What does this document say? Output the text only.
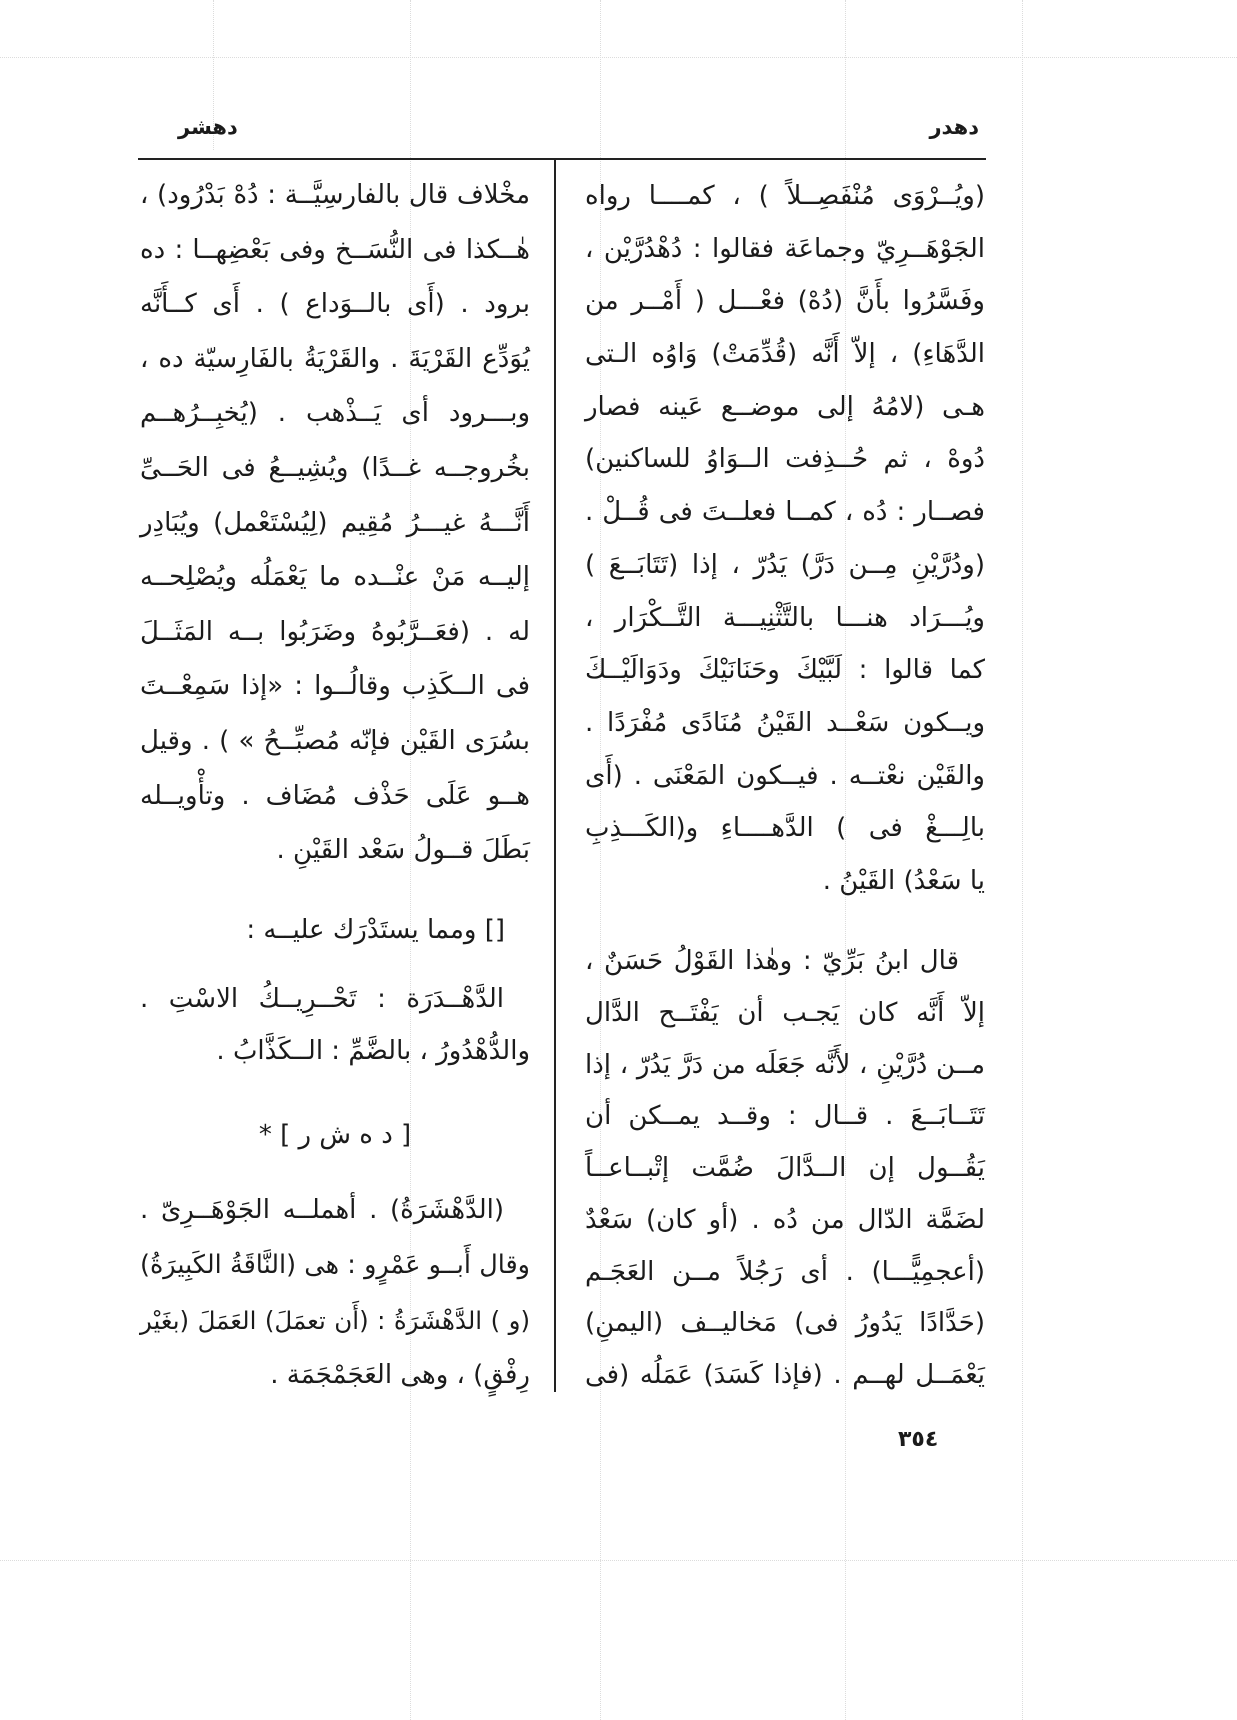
دهدر
دهشر
(ويُــرْوَى مُنْفَصِــلاً ) ، كمــــا رواه
الجَوْهَــرِيّ وجماعَة فقالوا : دُهْدُرَّيْن ،
وفَسَّرُوا بأَنَّ (دُهْ) فعْـــل ( أَمْــر من
الدَّهَاءِ) ، إلاّ أَنَّه (قُدِّمَتْ) وَاوُه الـتى
هـى (لامُهُ إلى موضــع عَينه فصار
دُوهْ ، ثم حُــذِفت الــوَاوُ للساكنين)
فصــار : دُه ، كمــا فعلــتَ فى قُــلْ .
(ودُرَّيْنِ مِــن دَرَّ) يَدُرّ ، إذا (تَتَابَــعَ )
ويُـــرَاد هنـــا بالتَّثْنِيـــة التَّــكْرَار ،
كما قالوا : لَبَّيْكَ وحَنَانَيْكَ ودَوَالَيْــكَ
ويــكون سَعْــد القَيْنُ مُنَادًى مُفْرَدًا .
والقَيْن نعْتــه . فيــكون المَعْنَى . (أَى
بالِـــغْ فى ) الدَّهــــاءِ و(الكَـــذِبِ
يا سَعْدُ) القَيْنُ .
قال ابنُ بَرِّيّ : وهٰذا القَوْلُ حَسَنٌ ،
إلاّ أَنَّه كان يَجـب أن يَفْتَــح الدَّال
مــن دُرَّيْنِ ، لأَنَّه جَعَلَه من دَرَّ يَدُرّ ، إذا
تَتَــابَــعَ . قــال : وقــد يمــكن أن
يَقُــول إن الــدَّالَ ضُمَّت إتْبــاعــاً
لضَمَّة الدّال من دُه . (أو كان) سَعْدٌ
(أعجمِيًّـــا) . أى رَجُلاً مــن العَجَـم
(حَدَّادًا يَدُورُ فى) مَخاليــف (اليمنِ)
يَعْمَــل لهــم . (فإذا كَسَدَ) عَمَلُه (فى
مخْلاف قال بالفارسِيَّــة : دُهْ بَدْرُود) ،
هٰــكذا فى النُّسَــخ وفى بَعْضِهــا : ده
برود . (أَى بالــوَداع ) . أَى كــأَنَّه
يُوَدِّع القَرْيَةَ . والقَرْيَةُ بالفَارِسيّة ده ،
وبـــرود أى يَــذْهب . (يُخبِــرُهــم
بخُروجــه غــدًا) ويُشِيــعُ فى الحَــىِّ
أَنَّـــهُ غيـــرُ مُقِيم (لِيُسْتَعْمل) ويُبَادِر
إليــه مَنْ عنْــده ما يَعْمَلُه ويُصْلِحــه
له . (فعَــرَّبُوهُ وضَرَبُوا بــه المَثَــلَ
فى الــكَذِب وقالُــوا : «إذا سَمِعْــتَ
بسُرَى القَيْن فإنّه مُصبِّــحُ » ) . وقيل
هــو عَلَى حَذْف مُضَاف . وتأْويــله
بَطَلَ قــولُ سَعْد القَيْنِ .
[] ومما يستَدْرَك عليــه :
الدَّهْــدَرَة : تَحْــرِيــكُ الاسْتِ .
والدُّهْدُورُ ، بالضَّمِّ : الــكَذَّابُ .
[ د ه ش ر ] *
(الدَّهْشَرَةُ) . أهملــه الجَوْهَــرِىّ .
وقال أَبــو عَمْرٍو : هى (النَّاقَةُ الكَبِيرَةُ)
(و ) الدَّهْشَرَةُ : (أَن تعمَلَ) العَمَلَ (بغَيْر
رِفْقٍ) ، وهى العَجَمْجَمَة .
٣٥٤
